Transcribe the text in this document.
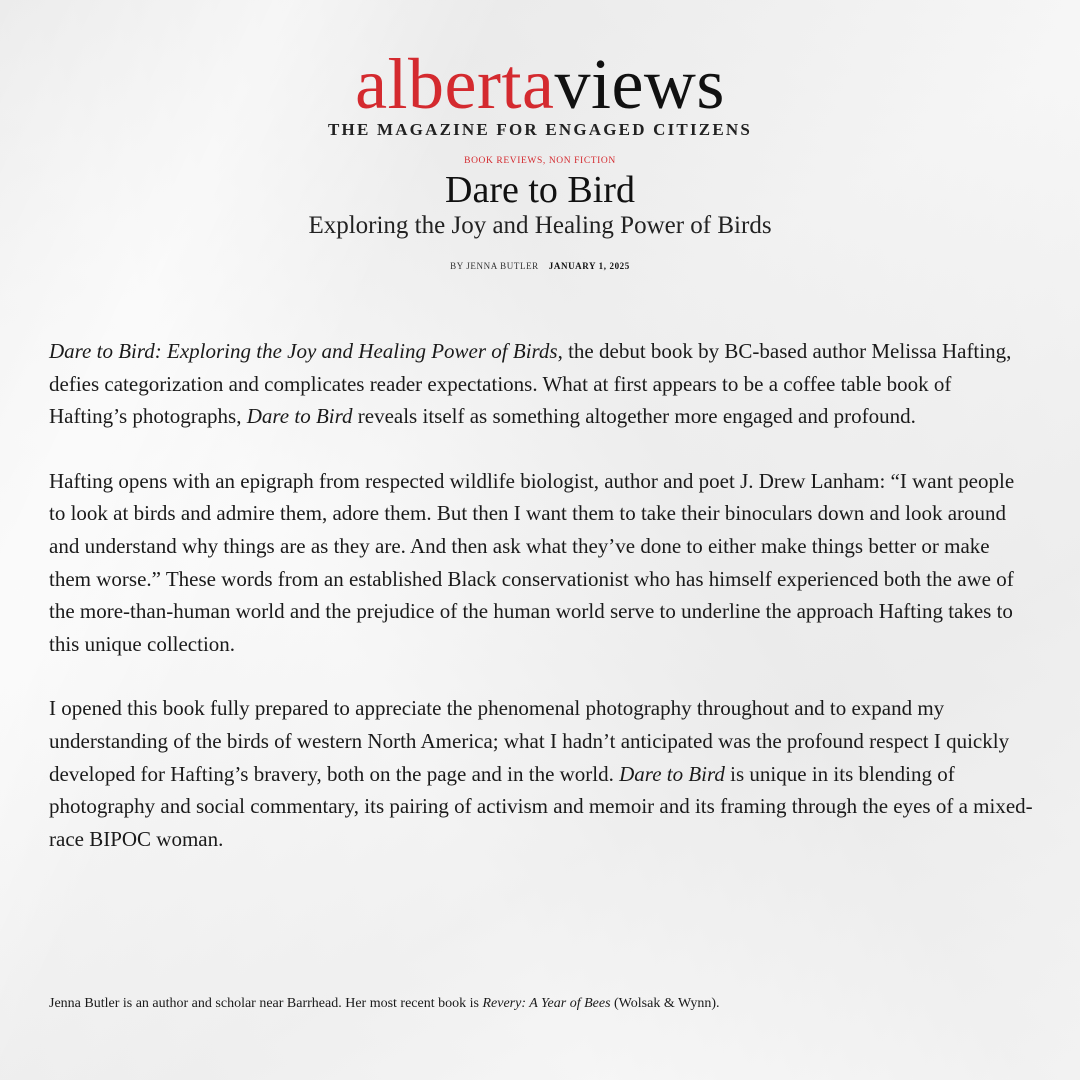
albertaviews
THE MAGAZINE FOR ENGAGED CITIZENS
BOOK REVIEWS, NON FICTION
Dare to Bird
Exploring the Joy and Healing Power of Birds
BY JENNA BUTLER JANUARY 1, 2025

Dare to Bird: Exploring the Joy and Healing Power of Birds, the debut book by BC-based author Melissa Hafting, defies categorization and complicates reader expectations. What at first appears to be a coffee table book of Hafting’s photographs, Dare to Bird reveals itself as something altogether more engaged and profound.

Hafting opens with an epigraph from respected wildlife biologist, author and poet J. Drew Lanham: “I want people to look at birds and admire them, adore them. But then I want them to take their binoculars down and look around and understand why things are as they are. And then ask what they’ve done to either make things better or make them worse.” These words from an established Black conservationist who has himself experienced both the awe of the more-than-human world and the prejudice of the human world serve to underline the approach Hafting takes to this unique collection.

I opened this book fully prepared to appreciate the phenomenal photography throughout and to expand my understanding of the birds of western North America; what I hadn’t anticipated was the profound respect I quickly developed for Hafting’s bravery, both on the page and in the world. Dare to Bird is unique in its blending of photography and social commentary, its pairing of activism and memoir and its framing through the eyes of a mixed-race BIPOC woman.

Jenna Butler is an author and scholar near Barrhead. Her most recent book is Revery: A Year of Bees (Wolsak & Wynn).
